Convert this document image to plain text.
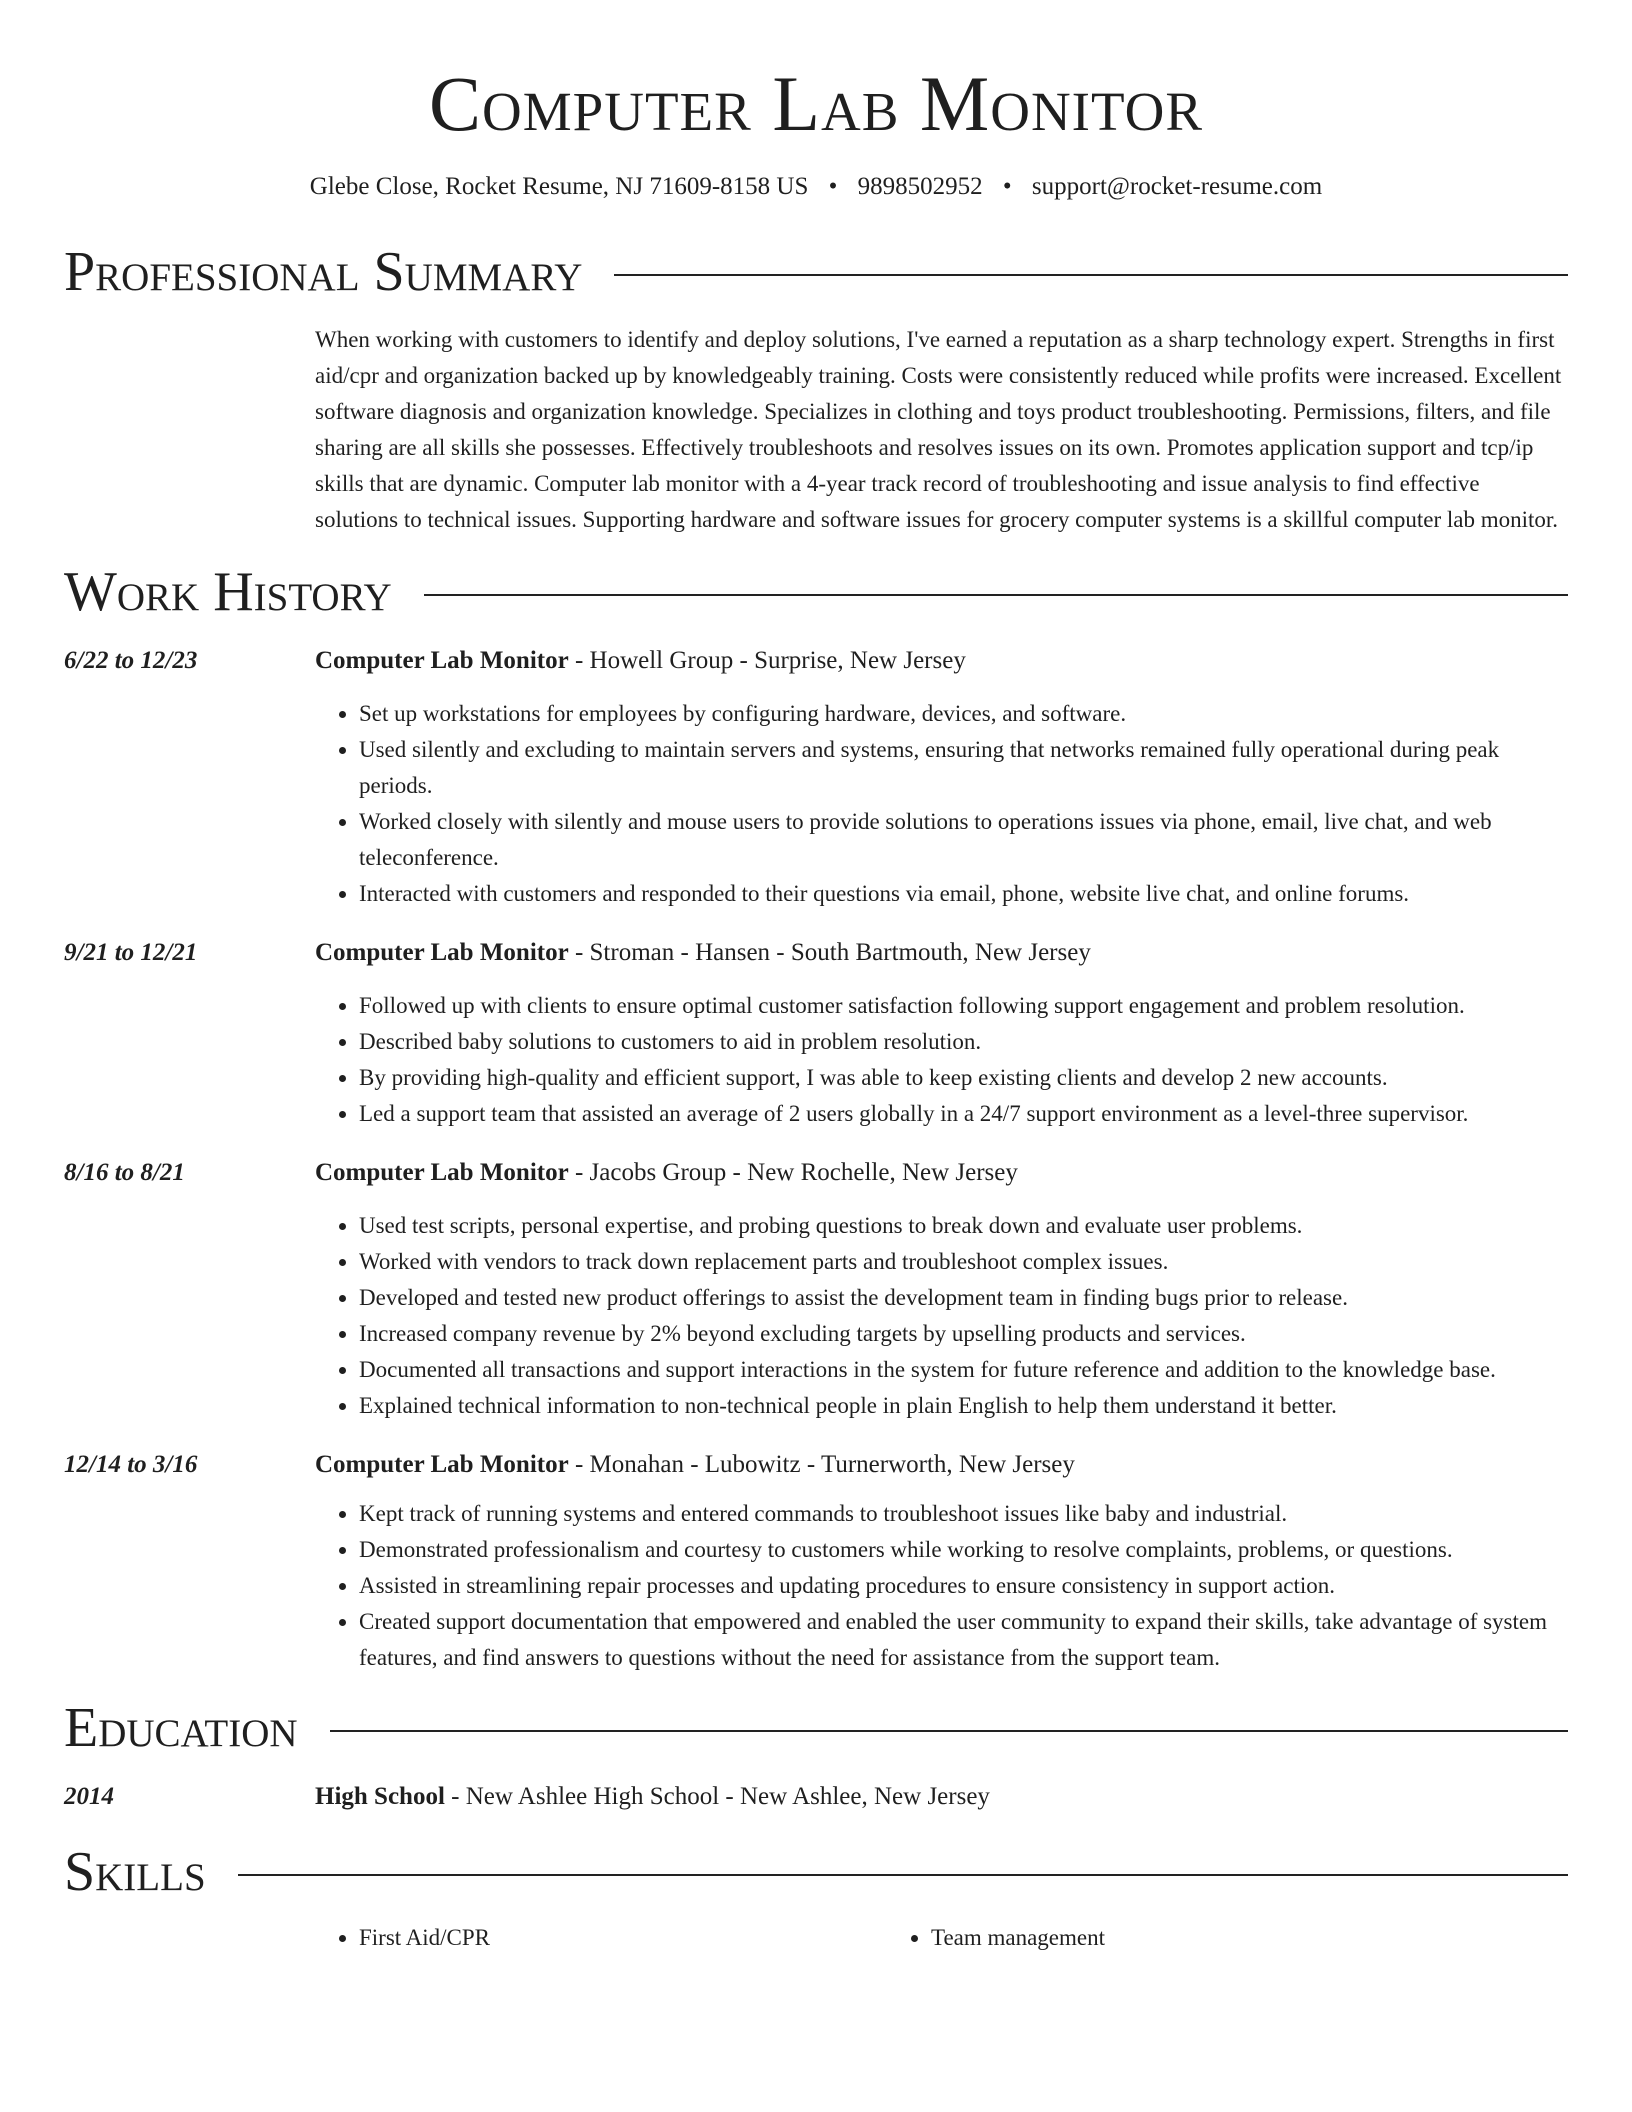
Computer Lab Monitor
Glebe Close, Rocket Resume, NJ 71609-8158 US • 9898502952 • support@rocket-resume.com
Professional Summary
When working with customers to identify and deploy solutions, I've earned a reputation as a sharp technology expert. Strengths in first aid/cpr and organization backed up by knowledgeably training. Costs were consistently reduced while profits were increased. Excellent software diagnosis and organization knowledge. Specializes in clothing and toys product troubleshooting. Permissions, filters, and file sharing are all skills she possesses. Effectively troubleshoots and resolves issues on its own. Promotes application support and tcp/ip skills that are dynamic. Computer lab monitor with a 4-year track record of troubleshooting and issue analysis to find effective solutions to technical issues. Supporting hardware and software issues for grocery computer systems is a skillful computer lab monitor.
Work History
6/22 to 12/23	Computer Lab Monitor - Howell Group - Surprise, New Jersey
• Set up workstations for employees by configuring hardware, devices, and software.
• Used silently and excluding to maintain servers and systems, ensuring that networks remained fully operational during peak periods.
• Worked closely with silently and mouse users to provide solutions to operations issues via phone, email, live chat, and web teleconference.
• Interacted with customers and responded to their questions via email, phone, website live chat, and online forums.
9/21 to 12/21	Computer Lab Monitor - Stroman - Hansen - South Bartmouth, New Jersey
• Followed up with clients to ensure optimal customer satisfaction following support engagement and problem resolution.
• Described baby solutions to customers to aid in problem resolution.
• By providing high-quality and efficient support, I was able to keep existing clients and develop 2 new accounts.
• Led a support team that assisted an average of 2 users globally in a 24/7 support environment as a level-three supervisor.
8/16 to 8/21	Computer Lab Monitor - Jacobs Group - New Rochelle, New Jersey
• Used test scripts, personal expertise, and probing questions to break down and evaluate user problems.
• Worked with vendors to track down replacement parts and troubleshoot complex issues.
• Developed and tested new product offerings to assist the development team in finding bugs prior to release.
• Increased company revenue by 2% beyond excluding targets by upselling products and services.
• Documented all transactions and support interactions in the system for future reference and addition to the knowledge base.
• Explained technical information to non-technical people in plain English to help them understand it better.
12/14 to 3/16	Computer Lab Monitor - Monahan - Lubowitz - Turnerworth, New Jersey
• Kept track of running systems and entered commands to troubleshoot issues like baby and industrial.
• Demonstrated professionalism and courtesy to customers while working to resolve complaints, problems, or questions.
• Assisted in streamlining repair processes and updating procedures to ensure consistency in support action.
• Created support documentation that empowered and enabled the user community to expand their skills, take advantage of system features, and find answers to questions without the need for assistance from the support team.
Education
2014	High School - New Ashlee High School - New Ashlee, New Jersey
Skills
• First Aid/CPR
•	Team management
